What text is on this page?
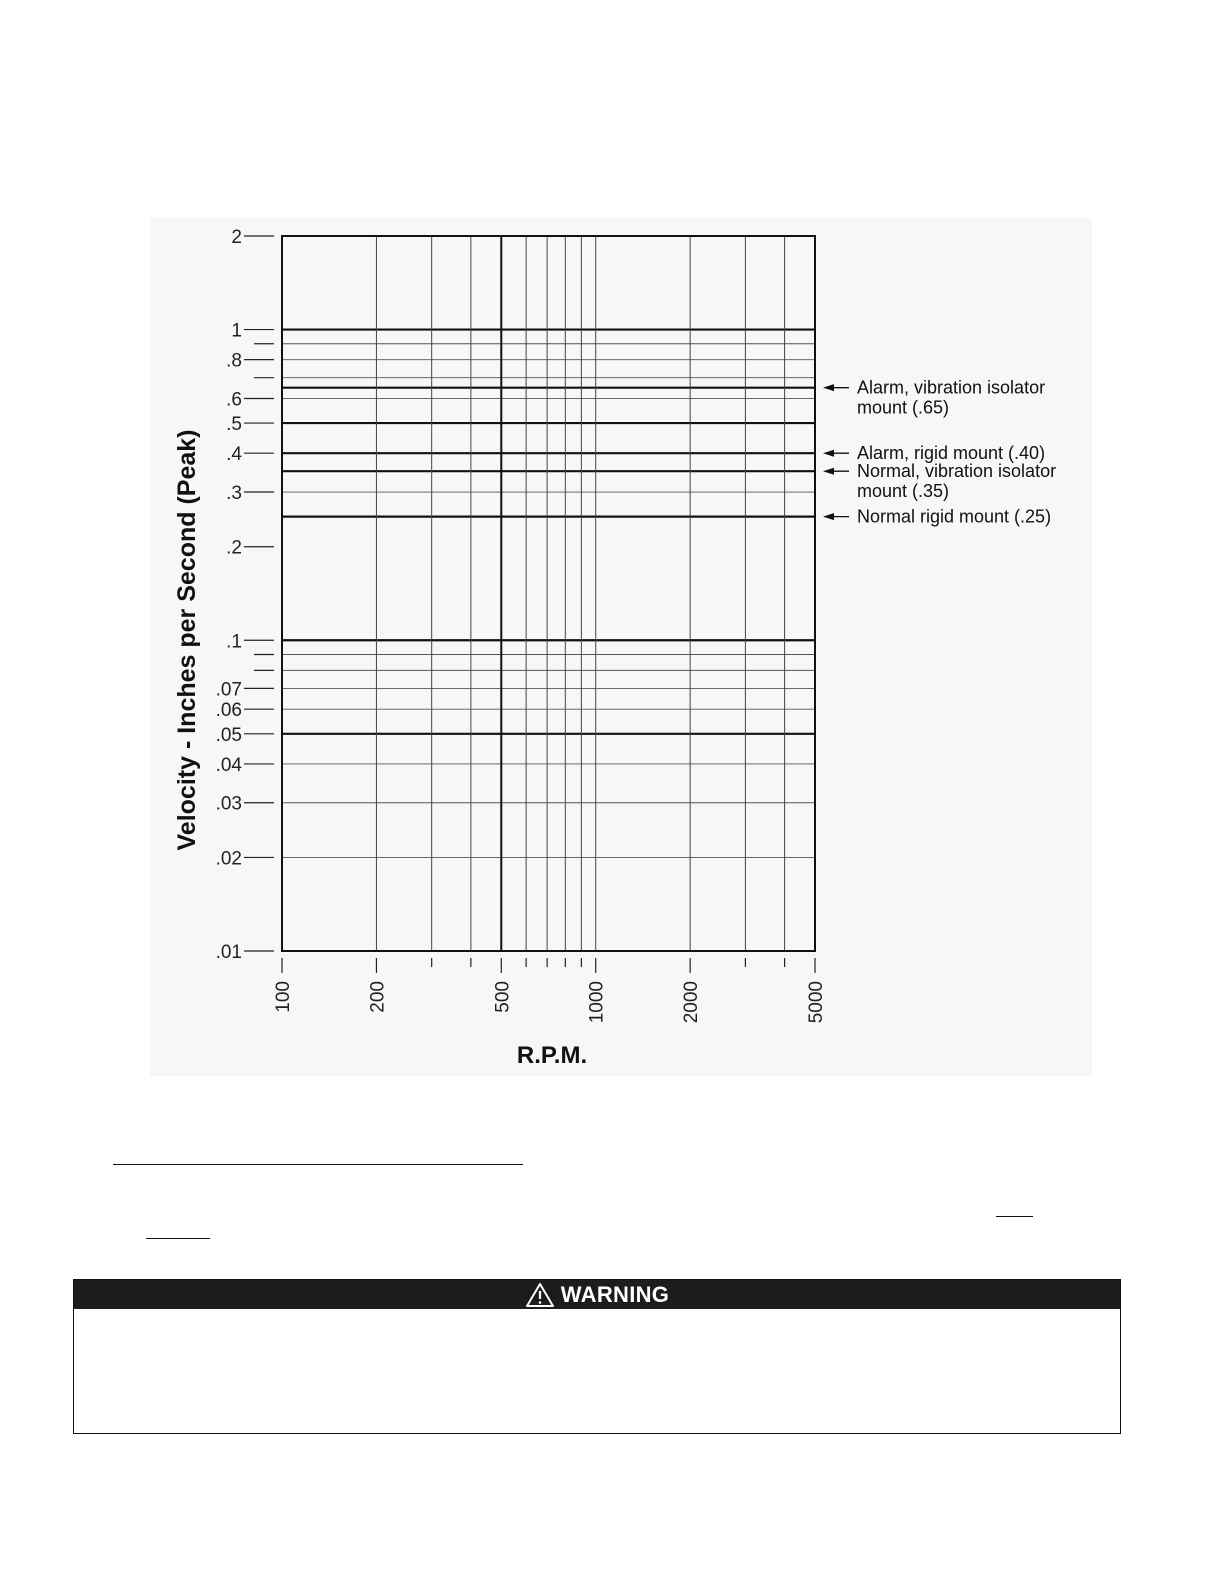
2
1
.8
.6
.5
.4
.3
.2
.1
.07
.06
.05
.04
.03
.02
.01
100	200	500	1000	2000	5000
Alarm, vibration isolator
mount (.65)
Alarm, rigid mount (.40)
Normal, vibration isolator
mount (.35)
Normal rigid mount (.25)
Velocity - Inches per Second (Peak)
R.P.M.
WARNING
